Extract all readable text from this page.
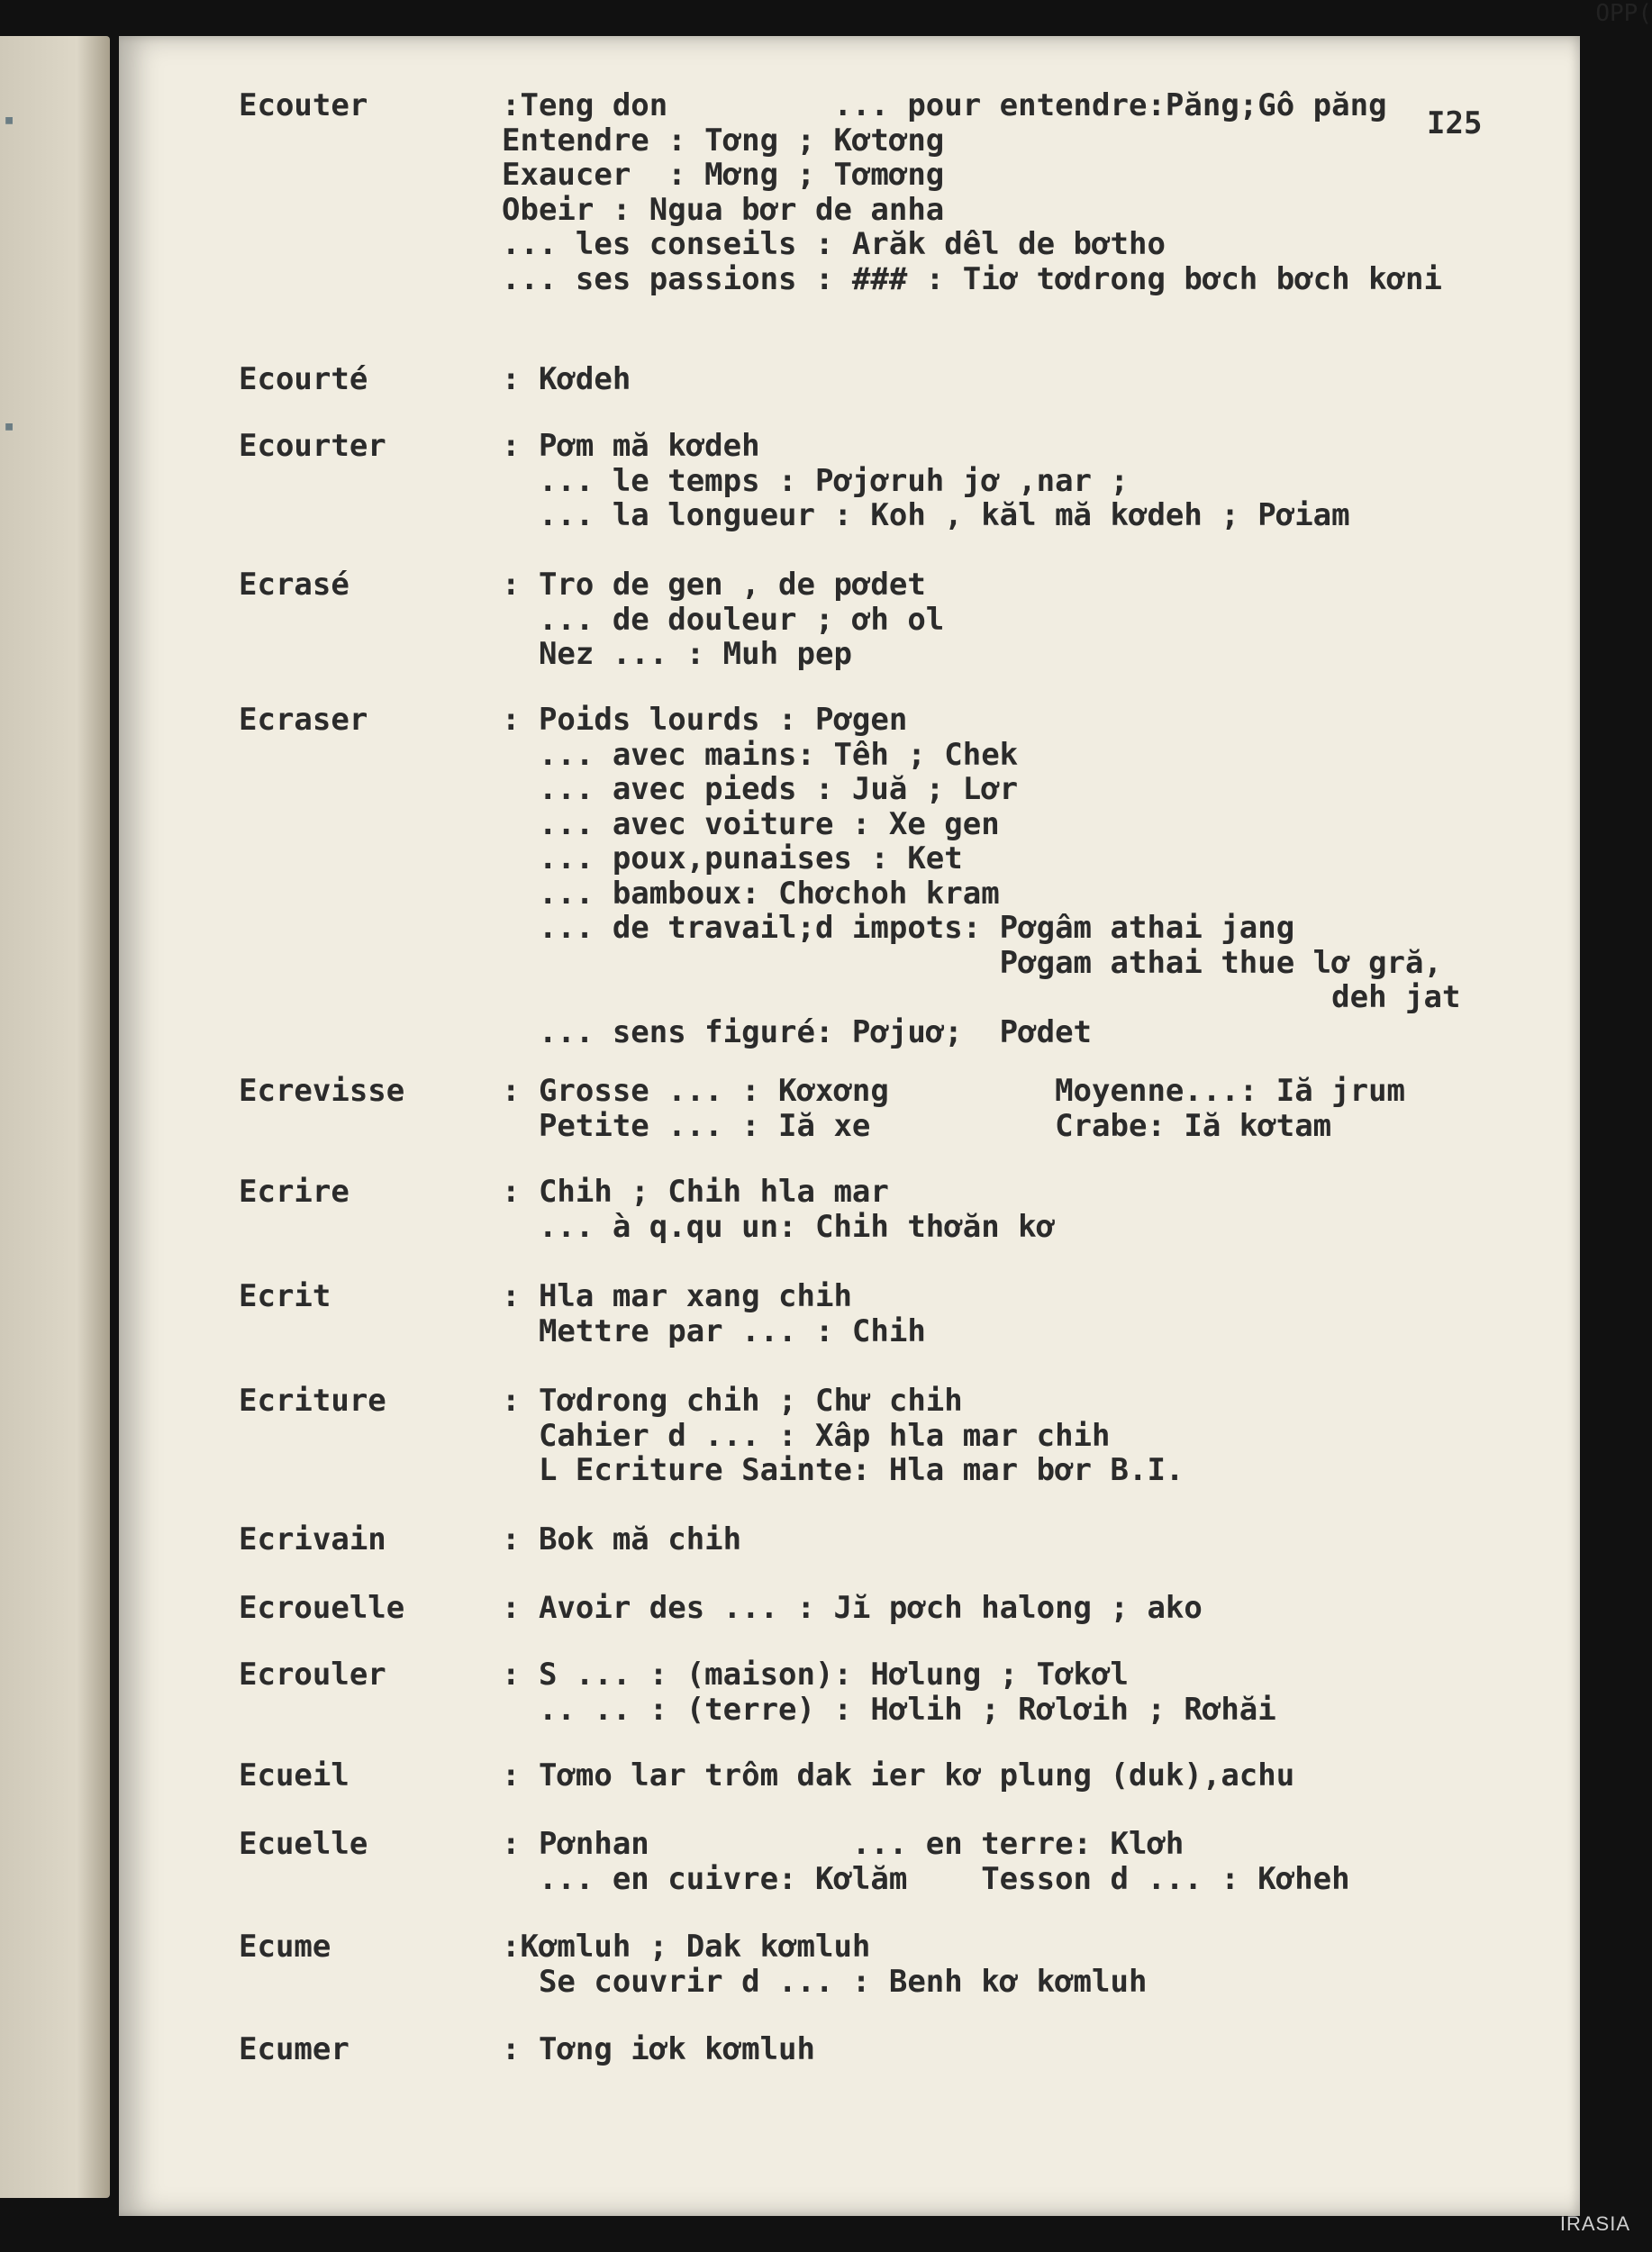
▪
▪
OPP(
I25
Ecouter	:Teng don         ... pour entendre:Păng;Gô păng
Entendre : Tơng ; Kơtơng
Exaucer  : Mơng ; Tơmơng
Obeir : Ngua bơr de anha
... les conseils : Arăk dêl de bơtho
... ses passions : ### : Tiơ tơdrong bơch bơch kơni
Ecourté	: Kơdeh
Ecourter	: Pơm mă kơdeh
... le temps : Pơjơruh jơ ,nar ;
... la longueur : Koh , kăl mă kơdeh ; Pơiam
Ecrasé	: Tro de gen , de pơdet
... de douleur ; ơh ol
Nez ... : Muh pep
Ecraser	: Poids lourds : Pơgen
... avec mains: Têh ; Chek
... avec pieds : Juă ; Lơr
... avec voiture : Xe gen
... poux,punaises : Ket
... bamboux: Chơchoh kram
... de travail;d impots: Pơgâm athai jang
Pơgam athai thue lơ gră,
deh jat
... sens figuré: Pơjuơ;  Pơdet
Ecrevisse	: Grosse ... : Kơxơng         Moyenne...: Iă jrum
Petite ... : Iă xe          Crabe: Iă kơtam
Ecrire	: Chih ; Chih hla mar
... à q.qu un: Chih thơăn kơ
Ecrit	: Hla mar xang chih
Mettre par ... : Chih
Ecriture	: Tơdrong chih ; Chư chih
Cahier d ... : Xâp hla mar chih
L Ecriture Sainte: Hla mar bơr B.I.
Ecrivain	: Bok mă chih
Ecrouelle	: Avoir des ... : Jĭ pơch halong ; ako
Ecrouler	: S ... : (maison): Hơlung ; Tơkơl
.. .. : (terre) : Hơlih ; Rơlơih ; Rơhăi
Ecueil	: Tơmo lar trôm dak ier kơ plung (duk),achu
Ecuelle	: Pơnhan           ... en terre: Klơh
... en cuivre: Kơlăm    Tesson d ... : Kơheh
Ecume	:Kơmluh ; Dak kơmluh
Se couvrir d ... : Benh kơ kơmluh
Ecumer	: Tơng iơk kơmluh
IRASIA
